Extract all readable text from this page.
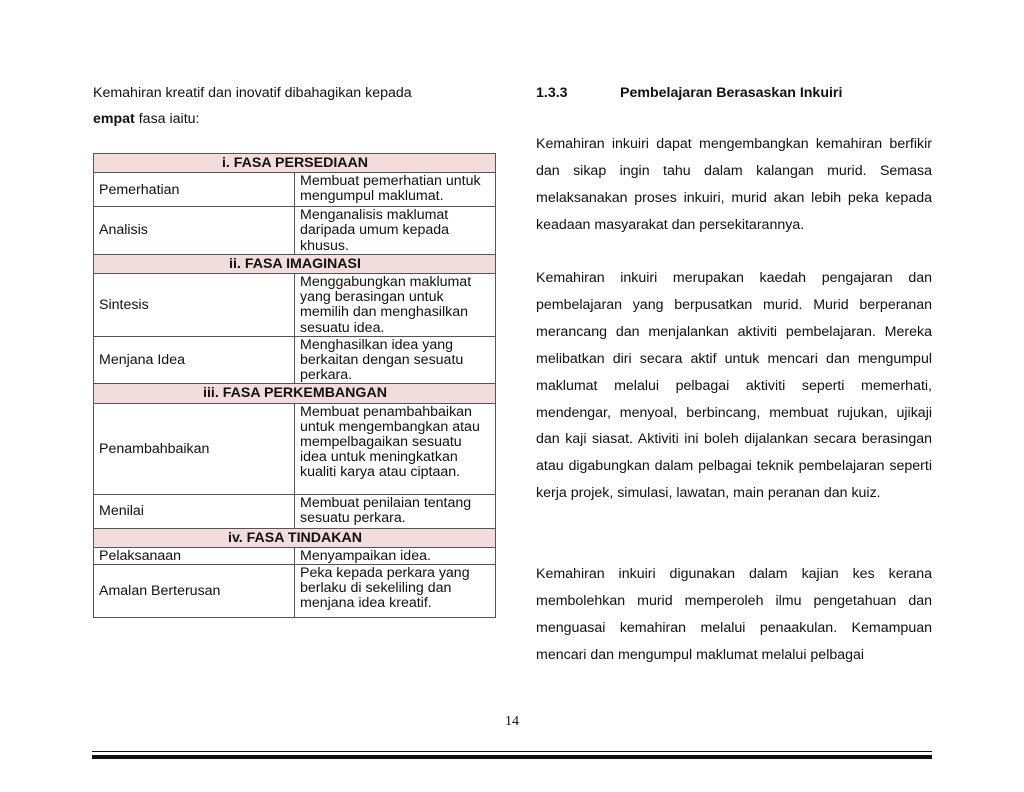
Kemahiran kreatif dan inovatif dibahagikan kepada
empat fasa iaitu:

i. FASA PERSEDIAAN	
Pemerhatian	Membuat pemerhatian untuk mengumpul maklumat.
Analisis	Menganalisis maklumat daripada umum kepada khusus.
ii. FASA IMAGINASI	
Sintesis	Menggabungkan maklumat yang berasingan untuk memilih dan menghasilkan sesuatu idea.
Menjana Idea	Menghasilkan idea yang berkaitan dengan sesuatu perkara.
iii. FASA PERKEMBANGAN	
Penambahbaikan	Membuat penambahbaikan untuk mengembangkan atau mempelbagaikan sesuatu idea untuk meningkatkan kualiti karya atau ciptaan.
Menilai	Membuat penilaian tentang sesuatu perkara.
iv. FASA TINDAKAN	
Pelaksanaan	Menyampaikan idea.
Amalan Berterusan	Peka kepada perkara yang berlaku di sekeliling dan menjana idea kreatif.
1.3.3	Pembelajaran Berasaskan Inkuiri

Kemahiran inkuiri dapat mengembangkan kemahiran berfikir dan sikap ingin tahu dalam kalangan murid. Semasa melaksanakan proses inkuiri, murid akan lebih peka kepada keadaan masyarakat dan persekitarannya.

Kemahiran inkuiri merupakan kaedah pengajaran dan pembelajaran yang berpusatkan murid. Murid berperanan merancang dan menjalankan aktiviti pembelajaran. Mereka melibatkan diri secara aktif untuk mencari dan mengumpul maklumat melalui pelbagai aktiviti seperti memerhati, mendengar, menyoal, berbincang, membuat rujukan, ujikaji dan kaji siasat. Aktiviti ini boleh dijalankan secara berasingan atau digabungkan dalam pelbagai teknik pembelajaran seperti kerja projek, simulasi, lawatan, main peranan dan kuiz.

Kemahiran inkuiri digunakan dalam kajian kes kerana membolehkan murid memperoleh ilmu pengetahuan dan menguasai kemahiran melalui penaakulan. Kemampuan mencari dan mengumpul maklumat melalui pelbagai

14
